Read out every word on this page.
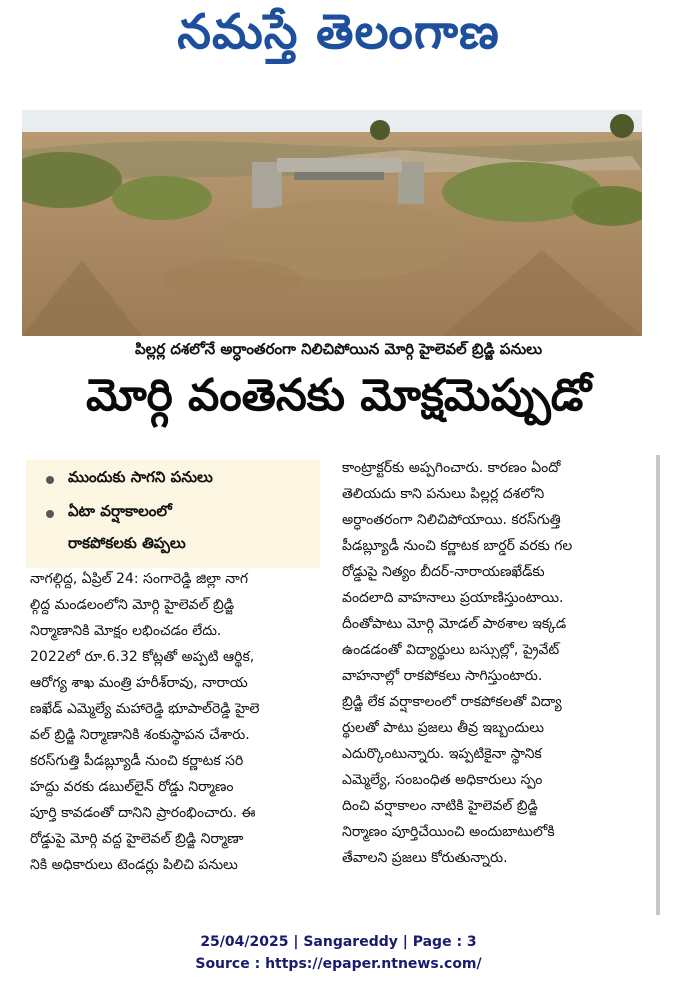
నమస్తే తెలంగాణ
పిల్లర్ల దశలోనే అర్ధాంతరంగా నిలిచిపోయిన మోర్గి హైలెవల్ బ్రిడ్జి పనులు
మోర్గి వంతెనకు మోక్షమెప్పుడో
ముందుకు సాగని పనులు
ఏటా వర్షాకాలంలో
రాకపోకలకు తిప్పలు

నాగల్గిద్ద, ఏప్రిల్ 24: సంగారెడ్డి జిల్లా నాగ

ల్గిద్ద మండలంలోని మోర్గి హైలెవల్ బ్రిడ్జి

నిర్మాణానికి మోక్షం లభించడం లేదు.

2022లో రూ.6.32 కోట్లతో అప్పటి ఆర్థిక,

ఆరోగ్య శాఖ మంత్రి హరీశ్‌రావు, నారాయ

ణఖేడ్ ఎమ్మెల్యే మహారెడ్డి భూపాల్‌రెడ్డి హైలె

వల్ బ్రిడ్జి నిర్మాణానికి శంకుస్థాపన చేశారు.

కరస్‌గుత్తి పీడబ్ల్యూడీ నుంచి కర్ణాటక సరి

హద్దు వరకు డబుల్‌లైన్ రోడ్డు నిర్మాణం

పూర్తి కావడంతో దానిని ప్రారంభించారు. ఈ

రోడ్డుపై మోర్గి వద్ద హైలెవల్ బ్రిడ్జి నిర్మాణా

నికి అధికారులు టెండర్లు పిలిచి పనులు

కాంట్రాక్టర్‌కు అప్పగించారు. కారణం ఏందో

తెలియదు కాని పనులు పిల్లర్ల దశలోని

అర్ధాంతరంగా నిలిచిపోయాయి. కరస్‌గుత్తి

పీడబ్ల్యూడీ నుంచి కర్ణాటక బార్డర్ వరకు గల

రోడ్డుపై నిత్యం బీదర్-నారాయణఖేడ్‌కు

వందలాది వాహనాలు ప్రయాణిస్తుంటాయి.

దీంతోపాటు మోర్గి మోడల్ పాఠశాల ఇక్కడ

ఉండడంతో విద్యార్థులు బస్సుల్లో, ప్రైవేట్

వాహనాల్లో రాకపోకలు సాగిస్తుంటారు.

బ్రిడ్జి లేక వర్షాకాలంలో రాకపోకలతో విద్యా

ర్థులతో పాటు ప్రజలు తీవ్ర ఇబ్బందులు

ఎదుర్కొంటున్నారు. ఇప్పటికైనా స్థానిక

ఎమ్మెల్యే, సంబంధిత అధికారులు స్పం

దించి వర్షాకాలం నాటికి హైలెవల్ బ్రిడ్జి

నిర్మాణం పూర్తిచేయించి అందుబాటులోకి

తేవాలని ప్రజలు కోరుతున్నారు.

25/04/2025 | Sangareddy | Page : 3
Source : https://epaper.ntnews.com/
